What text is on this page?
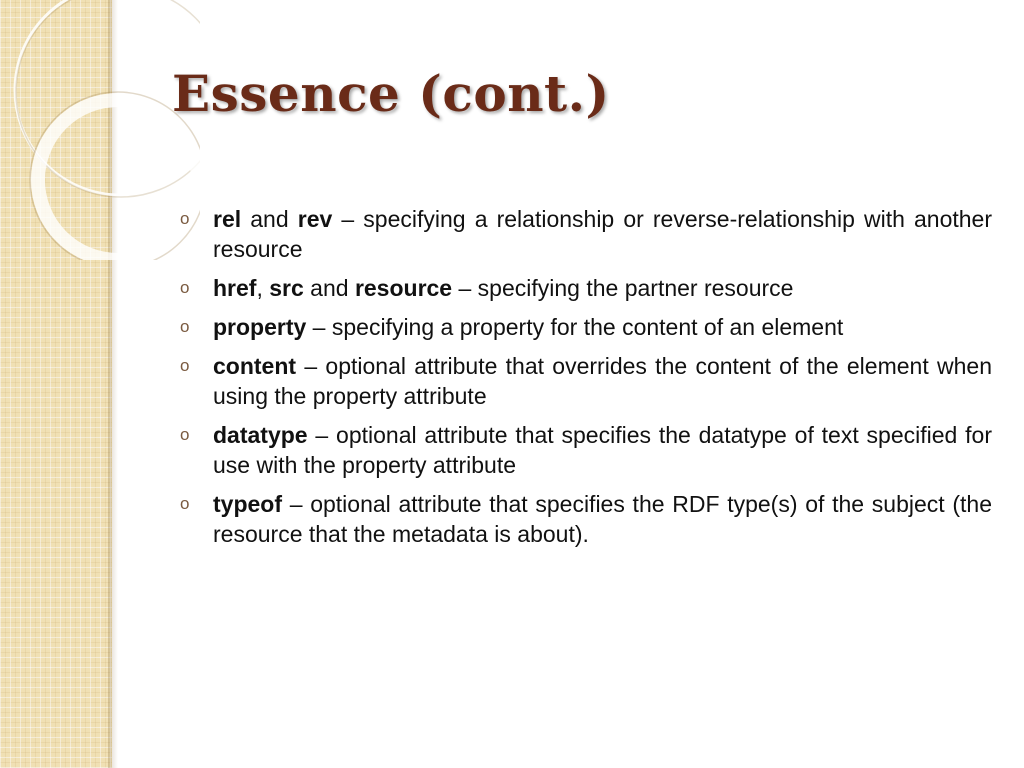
Essence (cont.)
o rel and rev – specifying a relationship or reverse-relationship with another resource
o href, src and resource – specifying the partner resource
o property – specifying a property for the content of an element
o content – optional attribute that overrides the content of the element when using the property attribute
o datatype – optional attribute that specifies the datatype of text specified for use with the property attribute
o typeof – optional attribute that specifies the RDF type(s) of the subject (the resource that the metadata is about).
